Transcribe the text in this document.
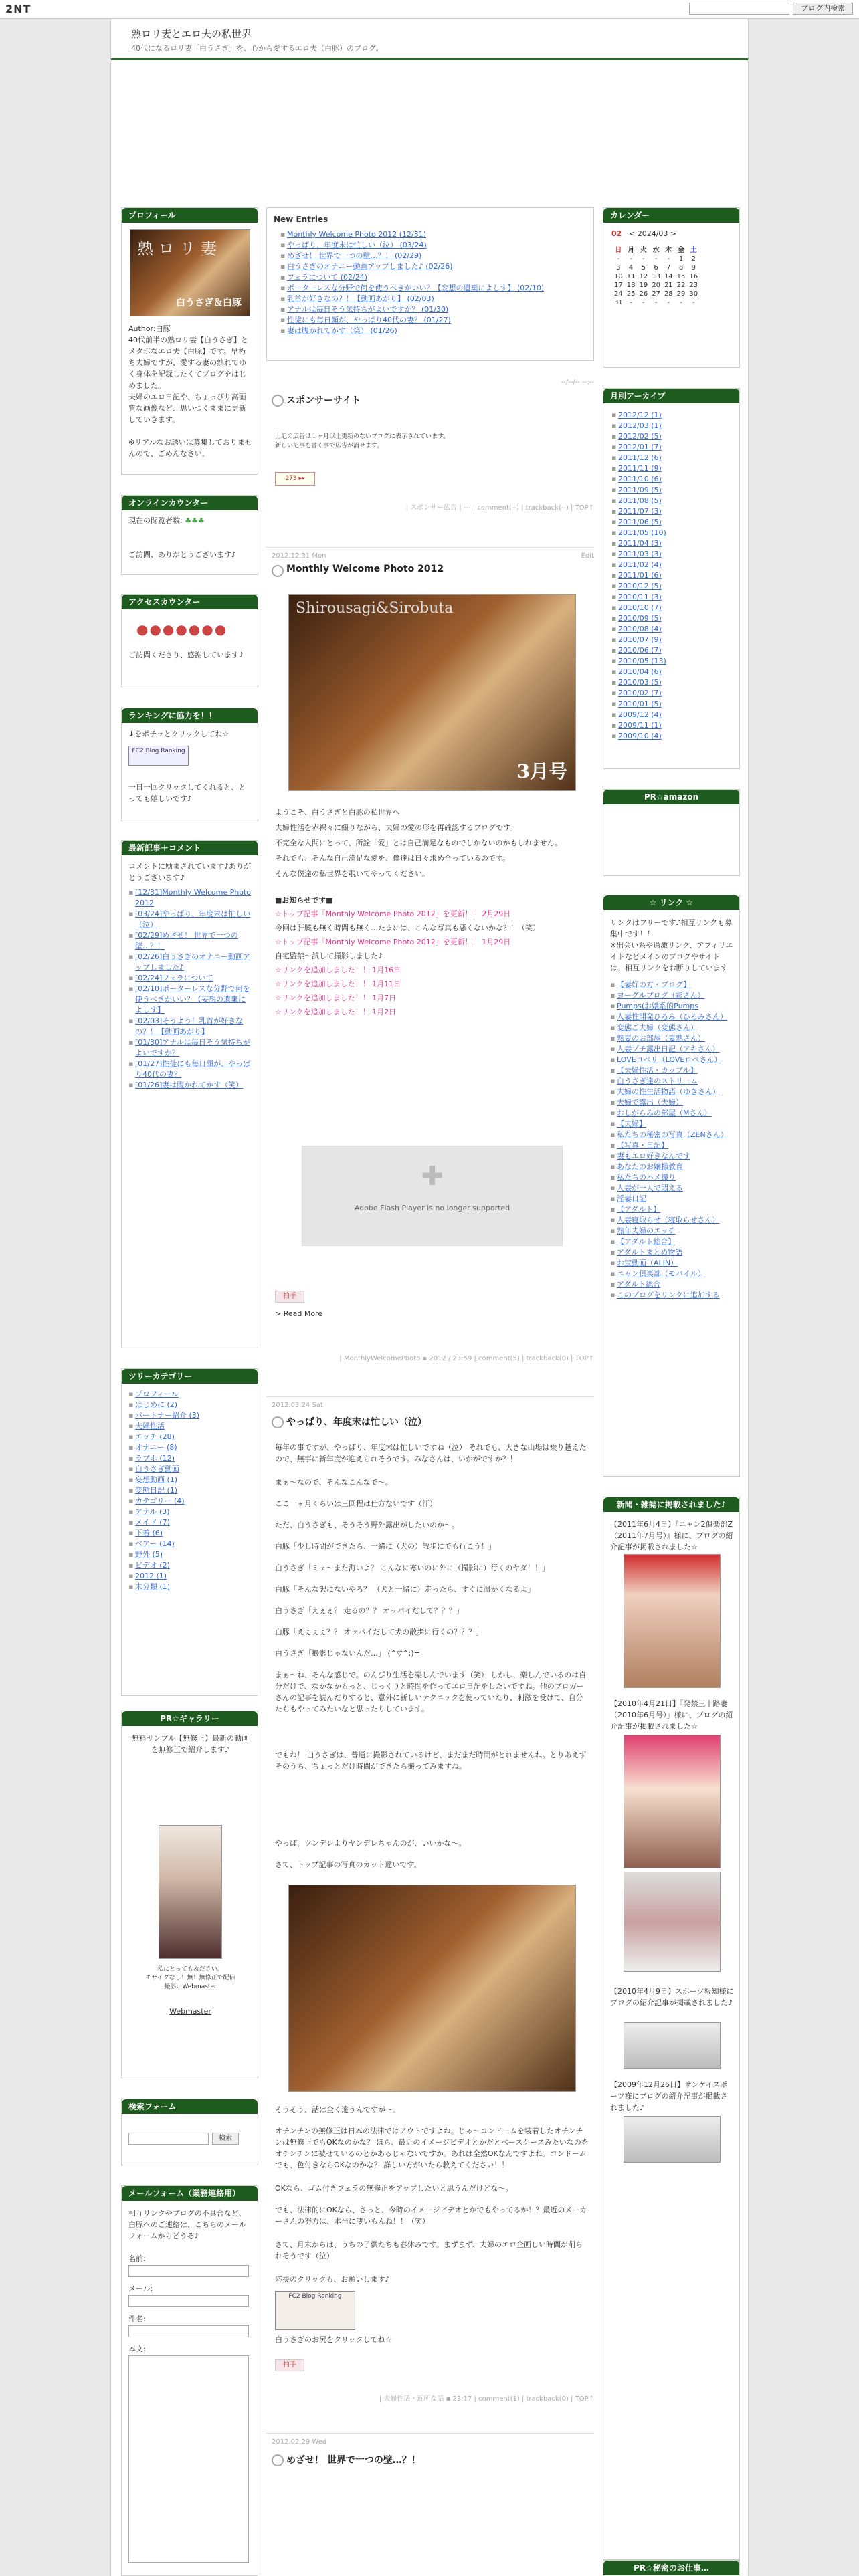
2NT	ブログ内検索
熟ロリ妻とエロ夫の私世界
40代になるロリ妻「白うさぎ」を、心から愛するエロ夫（白豚）のブログ。
プロフィール
熟 ロ リ 妻
白うさぎ＆白豚
Author:白豚
40代前半の熟ロリ妻【白うさぎ】とメタボなエロ夫【白豚】です。早朽ち夫婦ですが、愛する妻の熟れてゆく身体を記録したくてブログをはじめました。
夫婦のエロ日記や、ちょっぴり高画質な画像など、思いつくままに更新していきます。
※リアルなお誘いは募集しておりませんので、ごめんなさい。
オンラインカウンター
現在の閲覧者数: ♣♣♣
ご訪問、ありがとうございます♪
アクセスカウンター
●●●●●●●
ご訪問くださり、感謝しています♪
ランキングに協力を！！
↓をポチッとクリックしてね☆
FC2 Blog Ranking
一日一回クリックしてくれると、とっても嬉しいです♪
最新記事＋コメント
コメントに励まされています♪ありがとうございます♪
▪ [12/31]Monthly Welcome Photo 2012
▪ [03/24]やっぱり、年度末は忙しい（泣）
▪ [02/29]めざせ！ 世界で一つの壁…？！
▪ [02/26]白うさぎのオナニー動画アップしました♪
▪ [02/24]フェラについて
▪ [02/10]ポーターレスな分野で何を使うべきかいい？【妄想の遺棄によしす】
▪ [02/03]そうよう！乳首が好きなの？！【動画あがり】
▪ [01/30]アナルは毎日そう気持ちがよいですか？
▪ [01/27]性徒にも毎日顔が、やっぱり40代の妻？
▪ [01/26]妻は腹かれてかす（笑）
ツリーカテゴリー
▪ プロフィール
▪ はじめに (2)
▪ パートナー紹介 (3)
▪ 夫婦性活
▪ エッチ (28)
▪ オナニー (8)
▪ ラブホ (12)
▪ 白うさぎ動画
▪ 妄想動画 (1)
▪ 変態日記 (1)
▪ カテゴリー (4)
▪ アナル (3)
▪ メイド (7)
▪ 下着 (6)
▪ ベアー (14)
▪ 野外 (5)
▪ ビデオ (2)
▪ 2012 (1)
▪ 未分類 (1)
PR☆ギャラリー
無料サンプル【無修正】最新の動画を無修正で紹介します♪
私にとっても＆ださい。
モザイクなし！無！無修正で配信
撮影：Webmaster
Webmaster
検索フォーム
検索
メールフォーム（業務連絡用）
相互リンクやブログの不具合など、白豚へのご連絡は、こちらのメールフォームからどうぞ♪
名前:
メール:
件名:
本文:
New Entries
▪ Monthly Welcome Photo 2012 (12/31)
▪ やっぱり、年度末は忙しい（泣） (03/24)
▪ めざせ！ 世界で一つの壁…？！ (02/29)
▪ 白うさぎのオナニー動画アップしました♪ (02/26)
▪ フェラについて (02/24)
▪ ポーターレスな分野で何を使うべきかいい？【妄想の遺棄によしす】 (02/10)
▪ 乳首が好きなの？！【動画あがり】 (02/03)
▪ アナルは毎日そう気持ちがよいですか？ (01/30)
▪ 性徒にも毎日顔が、やっぱり40代の妻？ (01/27)
▪ 妻は腹かれてかす（笑） (01/26)
--/--/-- --:--
スポンサーサイト
上記の広告は１ヶ月以上更新のないブログに表示されています。
新しい記事を書く事で広告が消せます。
273 ▸▸
| スポンサー広告 | --- | comment(--) | trackback(--) | TOP↑
2012.12.31 Mon	Edit
Monthly Welcome Photo 2012
Shirousagi&Sirobuta
3月号
ようこそ、白うさぎと白豚の私世界へ
夫婦性活を赤裸々に綴りながら、夫婦の愛の形を再確認するブログです。
不完全な人間にとって、所詮「愛」とは自己満足なものでしかないのかもしれません。
それでも、そんな自己満足な愛を、僕達は日々求め合っているのです。
そんな僕達の私世界を覗いてやってください。
■お知らせです■
☆トップ記事「Monthly Welcome Photo 2012」を更新！！ 2月29日
今回は肝臓も無く時間も無く…たまには、こんな写真も悪くないかな？！（笑）
☆トップ記事「Monthly Welcome Photo 2012」を更新！！ 1月29日
自宅監禁～試して撮影しました♪
☆リンクを追加しました！！ 1月16日
☆リンクを追加しました！！ 1月11日
☆リンクを追加しました！！ 1月7日
☆リンクを追加しました！！ 1月2日
✚
Adobe Flash Player is no longer supported
拍手
> Read More
| MonthlyWelcomePhoto ▪ 2012 / 23:59 | comment(5) | trackback(0) | TOP↑
2012.03.24 Sat
やっぱり、年度末は忙しい（泣）
毎年の事ですが、やっぱり、年度末は忙しいですね（泣） それでも、大きな山場は乗り越えたので、無事に新年度が迎えられそうです。みなさんは、いかがですか？！
まぁ～なので、そんなこんなで～。
ここ一ヶ月くらいは三回程は仕方ないです（汗）
ただ、白うさぎも、そうそう野外露出がしたいのか～。
白豚「少し時間ができたら、一緒に（犬の）散歩にでも行こう！」
白うさぎ「ミェ～また海いよ？ こんなに寒いのに外に（撮影に）行くのヤダ！！」
白豚「そんな訳にないやろ？ （犬と一緒に）走ったら、すぐに温かくなるよ」
白うさぎ「えぇぇ？ 走るの？？ オッパイだして？？？」
白豚「えぇぇぇ？？ オッパイだして犬の散歩に行くの？？？」
白うさぎ「撮影じゃないんだ…」 (^▽^;)=
まぁ～ね、そんな感じで。のんびり生活を楽しんでいます（笑） しかし、楽しんでいるのは自分だけで、なかなかもっと、じっくりと時間を作ってエロ日記をしたいですね。他のブロガーさんの記事を読んだりすると、意外に新しいテクニックを使っていたり、刺激を受けて、自分たちもやってみたいなと思ったりしています。
でもね！ 白うさぎは、普通に撮影されているけど、まだまだ時間がとれませんね。とりあえずそのうち、ちょっとだけ時間ができたら撮ってみますね。
やっぱ、ツンデレよりヤンデレちゃんのが、いいかな～。
さて、トップ記事の写真のカット違いです。
そうそう、話は全く違うんですが～。
オチンチンの無修正は日本の法律ではアウトですよね。じゃ～コンドームを装着したオチンチンは無修正でもOKなのかな？ ほら、最近のイメージビデオとかだとベースケースみたいなのをオチンチンに被せているのとかあるじゃないですか。あれは全然OKなんですよね。コンドームでも、色付きならOKなのかな？ 詳しい方がいたら教えてください！！
OKなら、ゴム付きフェラの無修正をアップしたいと思うんだけどな～。
でも、法律的にOKなら、さっと、今時のイメージビデオとかでもやってるか！？最近のメーカーさんの努力は、本当に凄いもんね！！（笑）
さて、月末からは、うちの子供たちも春休みです。まずまず、夫婦のエロ企画しい時間が削られそうです（泣）
応援のクリックも、お願いします♪
FC2 Blog Ranking
白うさぎのお尻をクリックしてね☆
拍手
| 夫婦性活・近所な話 ▪ 23:17 | comment(1) | trackback(0) | TOP↑
2012.02.29 Wed
めざせ！ 世界で一つの壁…？！
カレンダー
02 < 2024/03 >
日	月	火	水	木	金	土
-	-	-	-	-	1	2
3	4	5	6	7	8	9
10	11	12	13	14	15	16
17	18	19	20	21	22	23
24	25	26	27	28	29	30
31	-	-	-	-	-	-
月別アーカイブ
▪ 2012/12 (1)
▪ 2012/03 (1)
▪ 2012/02 (5)
▪ 2012/01 (7)
▪ 2011/12 (6)
▪ 2011/11 (9)
▪ 2011/10 (6)
▪ 2011/09 (5)
▪ 2011/08 (5)
▪ 2011/07 (3)
▪ 2011/06 (5)
▪ 2011/05 (10)
▪ 2011/04 (3)
▪ 2011/03 (3)
▪ 2011/02 (4)
▪ 2011/01 (6)
▪ 2010/12 (5)
▪ 2010/11 (3)
▪ 2010/10 (7)
▪ 2010/09 (5)
▪ 2010/08 (4)
▪ 2010/07 (9)
▪ 2010/06 (7)
▪ 2010/05 (13)
▪ 2010/04 (6)
▪ 2010/03 (5)
▪ 2010/02 (7)
▪ 2010/01 (5)
▪ 2009/12 (4)
▪ 2009/11 (1)
▪ 2009/10 (4)
PR☆amazon
☆ リンク ☆
リンクはフリーです♪相互リンクも募集中です！！
※出会い系や過激リンク、アフィリエイトなどメインのブログやサイトは、相互リンクをお断りしています
▪ 【妻好の方・ブログ】
▪ ヨーグルブログ（彩さん）
▪ Pumps(お嬢系的Pumps
▪ 人妻性開発ひろみ（ひろみさん）
▪ 変態ご夫婦（変態さん）
▪ 熟妻のお部屋（妻熟さん）
▪ 人妻プチ露出日記（アキさん）
▪ LOVEロペリ（LOVEロペさん）
▪ 【夫婦性活・カップル】
▪ 白うさぎ達のストリーム
▪ 夫婦の性生活物語（ゆきさん）
▪ 夫婦で露出（夫婦）
▪ おしがらみの部屋（Mさん）
▪ 【夫婦】
▪ 私たちの秘密の写真（ZENさん）
▪ 【写真・日記】
▪ 妻もエロ好きなんです
▪ あなたのお嬢様教育
▪ 私たちのハメ撮り
▪ 人妻が一人で悶える
▪ 淫妻日記
▪ 【アダルト】
▪ 人妻寝取らせ（寝取らせさん）
▪ 熟年夫婦のエッチ
▪ 【アダルト総合】
▪ アダルトまとめ物語
▪ お宝動画（ALIN）
▪ ニャン倶楽部（モバイル）
▪ アダルト総合
▪ このブログをリンクに追加する
新聞・雑誌に掲載されました♪
【2011年6月4日】『ニャン2倶楽部Z（2011年7月号）』様に、ブログの紹介記事が掲載されました☆
【2010年4月21日】「発禁三十路妻（2010年6月号）」様に、ブログの紹介記事が掲載されました☆
【2010年4月9日】スポーツ報知様にブログの紹介記事が掲載されました♪
【2009年12月26日】サンケイスポーツ様にブログの紹介記事が掲載されました♪
PR☆秘密のお仕事…
